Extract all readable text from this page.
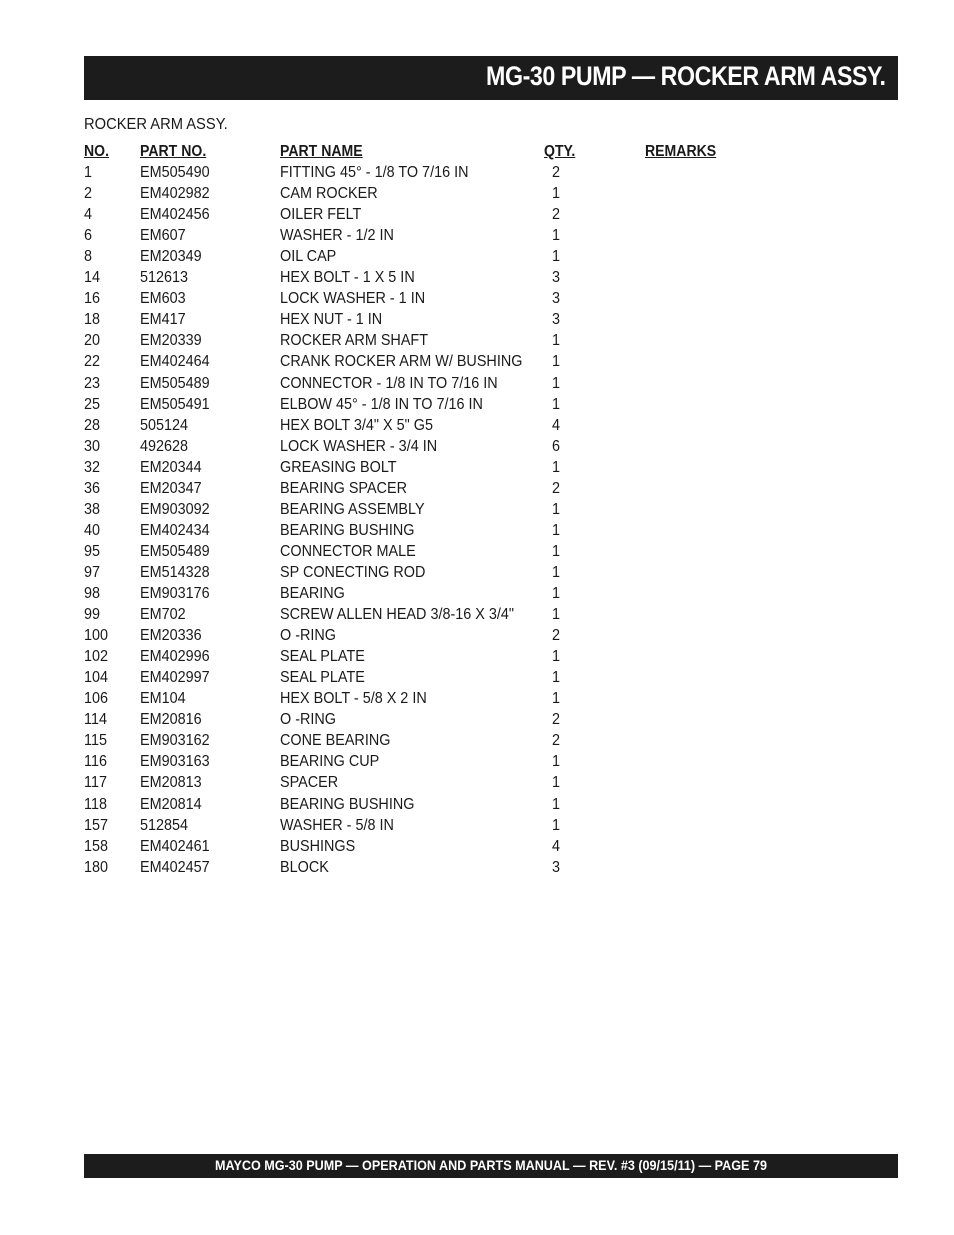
MG-30 PUMP — ROCKER ARM ASSY.
ROCKER ARM ASSY.
NO. PART NO.	PART NAME	QTY.	REMARKS
1	EM505490	FITTING 45° - 1/8 TO 7/16 IN	2
2	EM402982	CAM ROCKER	1
4	EM402456	OILER FELT	2
6	EM607	WASHER - 1/2 IN	1
8	EM20349	OIL CAP	1
14 512613	HEX BOLT - 1 X 5 IN	3
16 EM603	LOCK WASHER - 1 IN	3
18 EM417	HEX NUT - 1 IN	3
20 EM20339	ROCKER ARM SHAFT	1
22 EM402464	CRANK ROCKER ARM W/ BUSHING 1
23 EM505489	CONNECTOR - 1/8 IN TO 7/16 IN	1
25 EM505491	ELBOW 45° - 1/8 IN TO 7/16 IN	1
28 505124	HEX BOLT 3/4" X 5" G5	4
30 492628	LOCK WASHER - 3/4 IN	6
32 EM20344	GREASING BOLT	1
36 EM20347	BEARING SPACER	2
38 EM903092	BEARING ASSEMBLY	1
40 EM402434	BEARING BUSHING	1
95 EM505489	CONNECTOR MALE	1
97 EM514328	SP CONECTING ROD	1
98 EM903176	BEARING	1
99 EM702	SCREW ALLEN HEAD 3/8-16 X 3/4" 1
100 EM20336	O -RING	2
102 EM402996	SEAL PLATE	1
104 EM402997	SEAL PLATE	1
106 EM104	HEX BOLT - 5/8 X 2 IN	1
114 EM20816	O -RING	2
115 EM903162	CONE BEARING	2
116 EM903163	BEARING CUP	1
117 EM20813	SPACER	1
118 EM20814	BEARING BUSHING	1
157 512854	WASHER - 5/8 IN	1
158 EM402461	BUSHINGS	4
180 EM402457	BLOCK	3
MAYCO MG-30 PUMP — OPERATION AND PARTS MANUAL — REV. #3 (09/15/11) — PAGE 79
